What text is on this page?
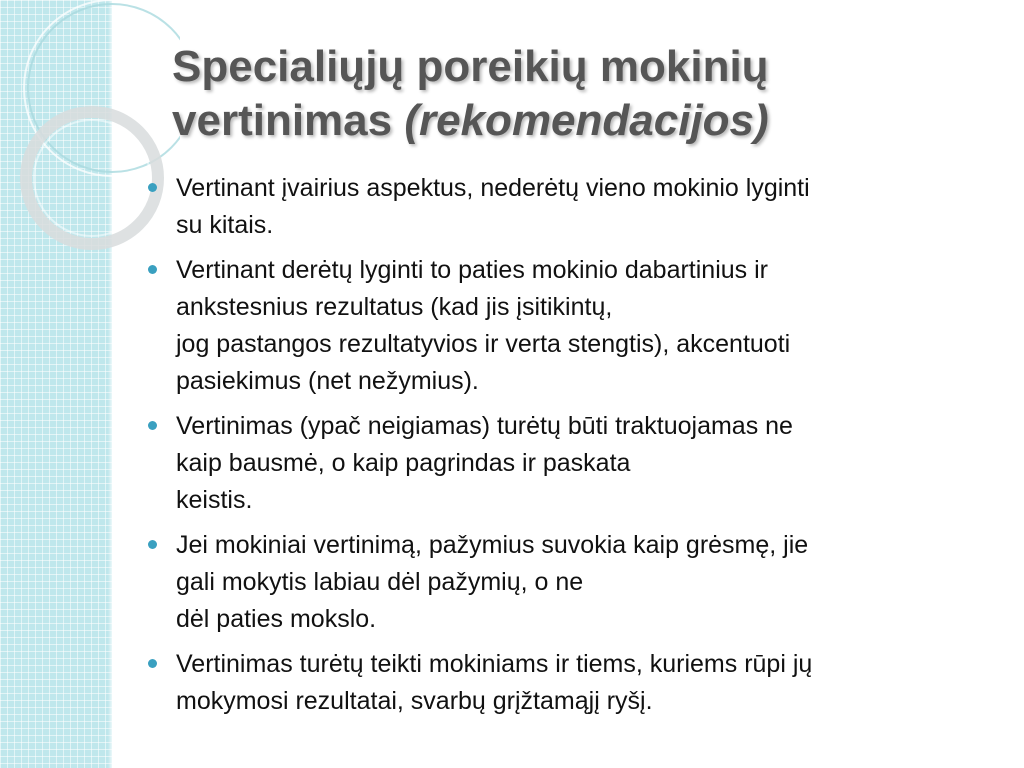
Specialiųjų poreikių mokinių vertinimas (rekomendacijos)
Vertinant įvairius aspektus, nederėtų vieno mokinio lyginti
su kitais.
Vertinant derėtų lyginti to paties mokinio dabartinius ir
ankstesnius rezultatus (kad jis įsitikintų,
jog pastangos rezultatyvios ir verta stengtis), akcentuoti
pasiekimus (net nežymius).
Vertinimas (ypač neigiamas) turėtų būti traktuojamas ne
kaip bausmė, o kaip pagrindas ir paskata
keistis.
Jei mokiniai vertinimą, pažymius suvokia kaip grėsmę, jie
gali mokytis labiau dėl pažymių, o ne
dėl paties mokslo.
Vertinimas turėtų teikti mokiniams ir tiems, kuriems rūpi jų
mokymosi rezultatai, svarbų grįžtamąjį ryšį.
